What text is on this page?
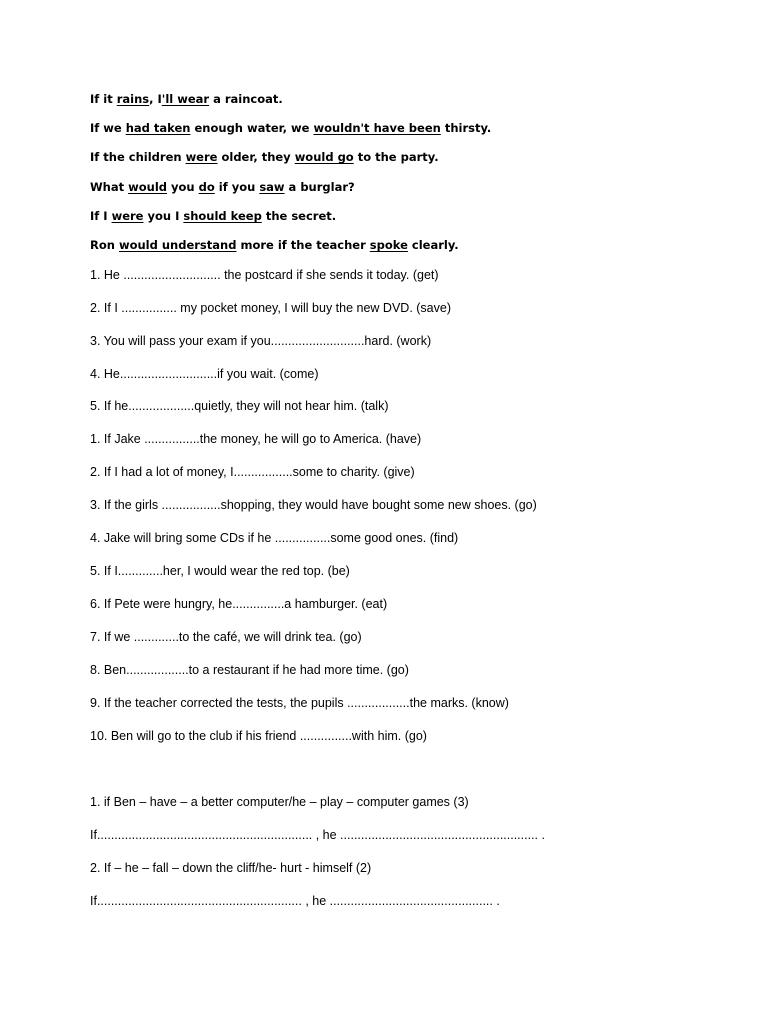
If it rains, I'll wear a raincoat.
If we had taken enough water, we wouldn't have been thirsty.
If the children were older, they would go to the party.
What would you do if you saw a burglar?
If I were you I should keep the secret.
Ron would understand more if the teacher spoke clearly.
1. He ............................ the postcard if she sends it today. (get)
2. If I ................ my pocket money, I will buy the new DVD. (save)
3. You will pass your exam if you...........................hard. (work)
4. He............................if you wait. (come)
5. If he...................quietly, they will not hear him. (talk)
1. If Jake ................the money, he will go to America. (have)
2. If I had a lot of money, I.................some to charity. (give)
3. If the girls .................shopping, they would have bought some new shoes. (go)
4. Jake will bring some CDs if he ................some good ones. (find)
5. If I.............her, I would wear the red top. (be)
6. If Pete were hungry, he...............a hamburger. (eat)
7. If we .............to the café, we will drink tea. (go)
8. Ben..................to a restaurant if he had more time. (go)
9. If the teacher corrected the tests, the pupils ..................the marks. (know)
10. Ben will go to the club if his friend ...............with him. (go)
1. if Ben – have – a better computer/he – play – computer games (3)
If.............................................................. , he ......................................................... .
2. If – he – fall – down the cliff/he- hurt - himself (2)
If........................................................... , he ............................................... .
